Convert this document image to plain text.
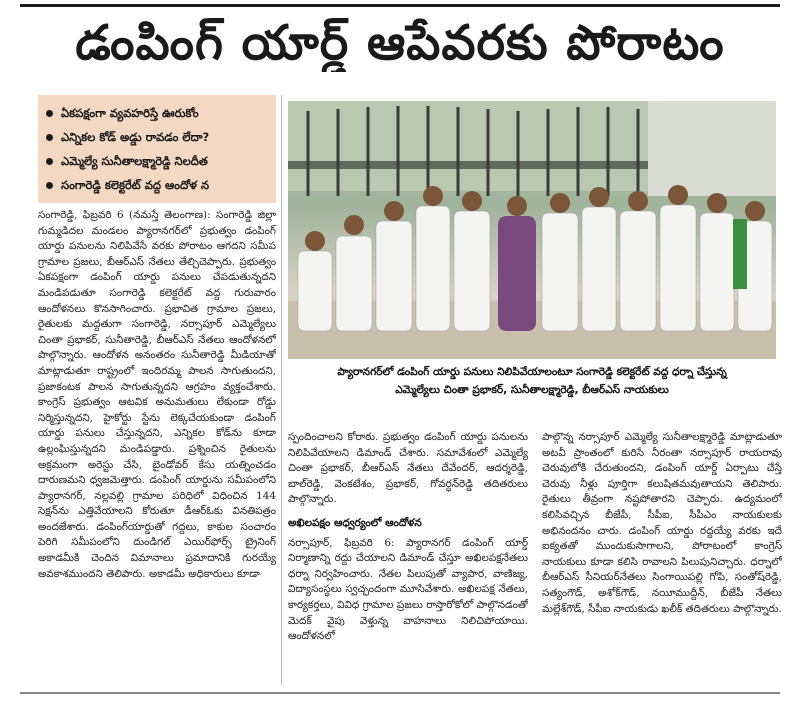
డంపింగ్ యార్డ్ ఆపేవరకు పోరాటం
ఏకపక్షంగా వ్యవహరిస్తే ఊరుకోం
ఎన్నికల కోడ్ అడ్డు రావడం లేదా?
ఎమ్మెల్యే సునీతాలక్ష్మారెడ్డి నిలదీత
సంగారెడ్డి కలెక్టరేట్ వద్ద ఆందోళ న

సంగారెడ్డి, ఫిబ్రవరి 6 (నమస్తే తెలంగాణ): సంగారెడ్డి జిల్లా గుమ్మడిదల మండలం ప్యారానగర్‌లో ప్రభుత్వం డంపింగ్ యార్డు పనులను నిలిపివేసే వరకు పోరాటం ఆగదని సమీప గ్రామాల ప్రజలు, బీఆర్ఎస్ నేతలు తేల్చిచెప్పారు. ప్రభుత్వం ఏకపక్షంగా డంపింగ్ యార్డు పనులు చేపడుతున్నదని మండిపడుతూ సంగారెడ్డి కలెక్టరేట్ వద్ద గురువారం ఆందోళనలు కొనసాగించారు. ప్రభావిత గ్రామాల ప్రజలు, రైతులకు మద్దతుగా సంగారెడ్డి, నర్సాపూర్ ఎమ్మెల్యేలు చింతా ప్రభాకర్, సునీతారెడ్డి, బీఆర్ఎస్ నేతలు ఆందోళనలో పాల్గొన్నారు. ఆందోళన అనంతరం సునీతారెడ్డి మీడియాతో మాట్లాడుతూ రాష్ట్రంలో ఇందిరమ్మ పాలన సాగుతుందని, ప్రజాకంటక పాలన సాగుతున్నదని ఆగ్రహం వ్యక్తంచేశారు. కాంగ్రెస్ ప్రభుత్వం ఆటవిక అనుమతులు లేకుండా రోడ్డు నిర్మిస్తున్నదని, హైకోర్టు స్టేను లెక్కచేయకుండా డంపింగ్ యార్డు పనులు చేస్తున్నదని, ఎన్నికల కోడ్‌ను కూడా ఉల్లంఘిస్తున్నదని మండిపడ్డారు. ప్రశ్నించిన రైతులను అక్రమంగా అరెస్టు చేసి, బైండోవర్ కేసు యత్నించడం దారుణమని ధ్వజమెత్తారు. డంపింగ్ యార్డును సమీపంలోని ప్యారానగర్, నల్లవల్లి గ్రామాల పరిధిలో విధించిన 144 సెక్షన్‌ను ఎత్తివేయాలని కోరుతూ డీఆర్‌ఓకు వినతిపత్రం అందజేశారు. డంపింగ్‌యార్డుతో గద్దలు, కాకుల సంచారం పెరిగి సమీపంలోని దుండిగల్ ఎయిర్‌ఫోర్స్ ట్రైనింగ్ అకాడమీకి చెందిన విమానాలు ప్రమాదానికి గురయ్యే అవకాశముందని తెలిపారు. అకాడమీ అధికారులు కూడా

ప్యారానగర్‌లో డంపింగ్ యార్డు పనులు నిలిపివేయాలంటూ సంగారెడ్డి కలెక్టరేట్ వద్ద ధర్నా చేస్తున్న
ఎమ్మెల్యేలు చింతా ప్రభాకర్, సునీతాలక్ష్మారెడ్డి, బీఆర్ఎస్ నాయకులు

స్పందించాలని కోరారు. ప్రభుత్వం డంపింగ్ యార్డు పనులను నిలిపివేయాలని డిమాండ్ చేశారు. సమావేశంలో ఎమ్మెల్యే చింతా ప్రభాకర్, బీఆర్ఎస్ నేతలు దేవేందర్, ఆదర్శరెడ్డి, బాల్‌రెడ్డి, వెంకటేశం, ప్రభాకర్, గోవర్ధన్‌రెడ్డి తదితరులు పాల్గొన్నారు.

అఖిలపక్షం ఆధ్వర్యంలో ఆందోళన

నర్సాపూర్, ఫిబ్రవరి 6: ప్యారానగర్ డంపింగ్ యార్డ్ నిర్మాణాన్ని రద్దు చేయాలని డిమాండ్ చేస్తూ అఖిలపక్షనేతలు ధర్నా నిర్వహించారు. నేతల పిలుపుతో వ్యాపార, వాణిజ్య, విద్యాసంస్థలు స్వచ్ఛందంగా మూసివేశారు. అఖిలపక్ష నేతలు, కార్యకర్తలు, వివిధ గ్రామాల ప్రజలు రాస్తారోకోలో పాల్గొనడంతో మెదక్ వైపు వెళ్తున్న వాహనాలు నిలిచిపోయాయి. ఆందోళనలో

పాల్గొన్న నర్సాపూర్ ఎమ్మెల్యే సునీతాలక్ష్మారెడ్డి మాట్లాడుతూ అటవీ ప్రాంతంలో కురిసే నీరంతా నర్సాపూర్ రాయరావు చెరువులోకి చేరుతుందని, డంపింగ్ యార్డ్ ఏర్పాటు చేస్తే చెరువు నీళ్లు పూర్తిగా కలుషితమవుతాయని తెలిపారు. రైతులు తీవ్రంగా నష్టపోతారని చెప్పారు. ఉద్యమంలో కలిసివచ్చిన బీజేపీ, సీపీఐ, సీపీఎం నాయకులకు అభినందనం చారు. డంపింగ్ యార్డు రద్దయ్యే వరకు ఇదే ఐక్యతతో ముందుకుసాగాలని, పోరాటంలో కాంగ్రెస్ నాయకులు కూడా కలిసి రావాలని పిలుపునిచ్చారు. ధర్నాలో బీఆర్ఎస్ సీనియర్‌నేతలు సింగాయిపల్లి గోపి, సంతోష్‌రెడ్డి, సత్యంగౌడ్, అశోక్‌గౌడ్, నయీముద్దీన్, బీజేపీ నేతలు మల్లేశ్‌గౌడ్, సీపీఐ నాయకుడు ఖలీక్ తదితరులు పాల్గొన్నారు.
